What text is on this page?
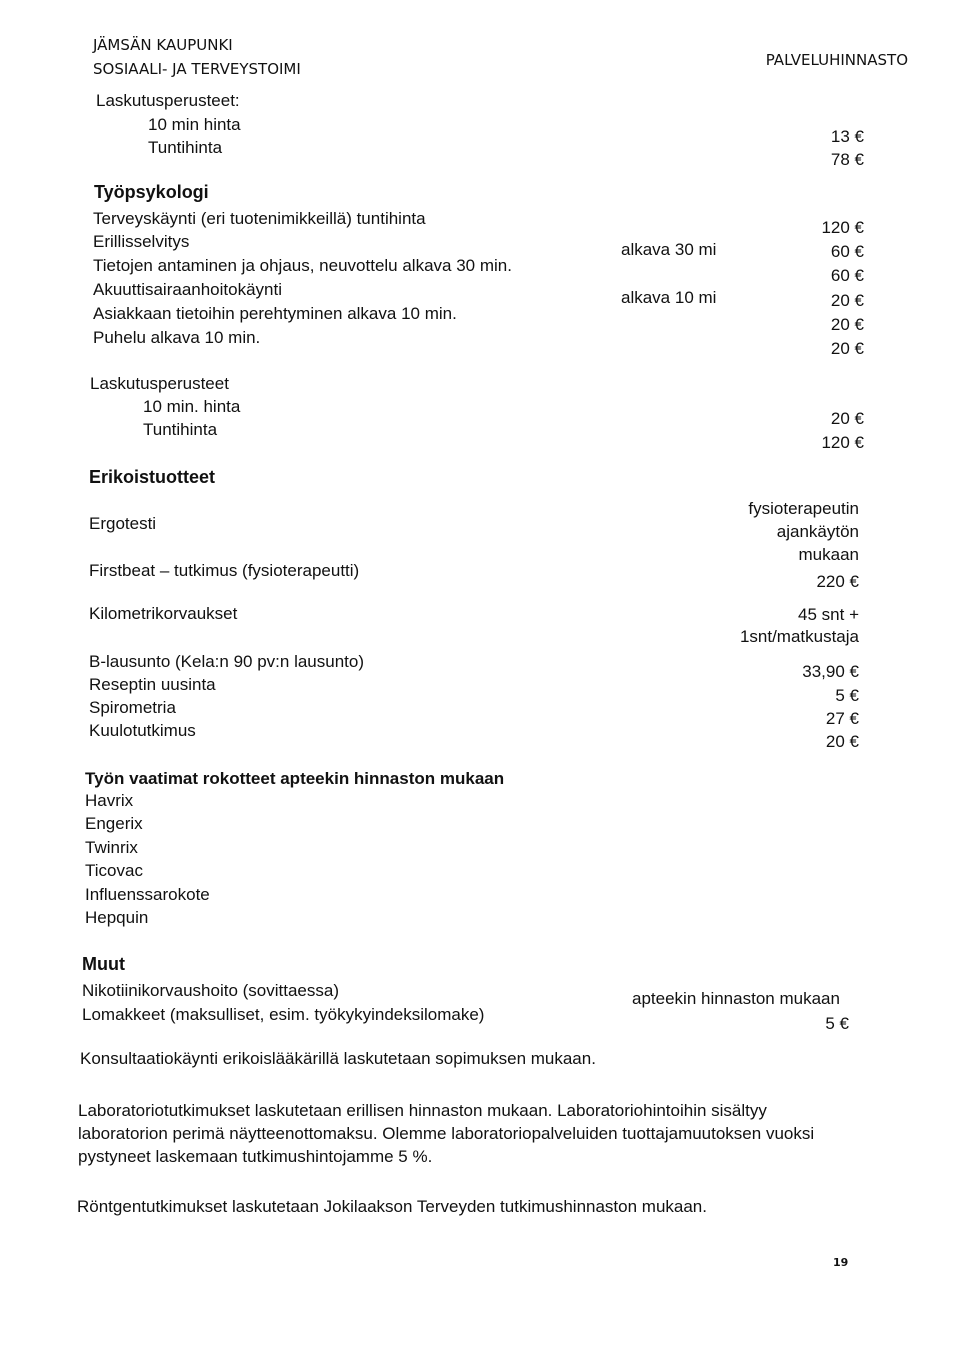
JÄMSÄN KAUPUNKI
SOSIAALI- JA TERVEYSTOIMI	PALVELUHINNASTO
Laskutusperusteet:
10 min hinta
Tuntihinta
13 €
78 €
Työpsykologi
Terveyskäynti (eri tuotenimikkeillä) tuntihinta
Erillisselvitys
Tietojen antaminen ja ohjaus, neuvottelu alkava 30 min.
Akuuttisairaanhoitokäynti
Asiakkaan tietoihin perehtyminen alkava 10 min.
Puhelu alkava 10 min.
alkava 30 mi
alkava 10 mi
120 €
60 €
60 €
20 €
20 €
20 €
Laskutusperusteet
10 min. hinta
Tuntihinta
20 €
120 €
Erikoistuotteet
Ergotesti
fysioterapeutin
ajankäytön
mukaan
Firstbeat – tutkimus (fysioterapeutti)
220 €
Kilometrikorvaukset	45 snt +
1snt/matkustaja
B-lausunto (Kela:n 90 pv:n lausunto)
Reseptin uusinta
Spirometria
Kuulotutkimus
33,90 €
5 €
27 €
20 €
Työn vaatimat rokotteet apteekin hinnaston mukaan
Havrix
Engerix
Twinrix
Ticovac
Influenssarokote
Hepquin
Muut
Nikotiinikorvaushoito (sovittaessa)
Lomakkeet (maksulliset, esim. työkykyindeksilomake)
apteekin hinnaston mukaan
5 €
Konsultaatiokäynti erikoislääkärillä laskutetaan sopimuksen mukaan.
Laboratoriotutkimukset laskutetaan erillisen hinnaston mukaan. Laboratoriohintoihin sisältyy
laboratorion perimä näytteenottomaksu. Olemme laboratoriopalveluiden tuottajamuutoksen vuoksi
pystyneet laskemaan tutkimushintojamme 5 %.
Röntgentutkimukset laskutetaan Jokilaakson Terveyden tutkimushinnaston mukaan.
19
